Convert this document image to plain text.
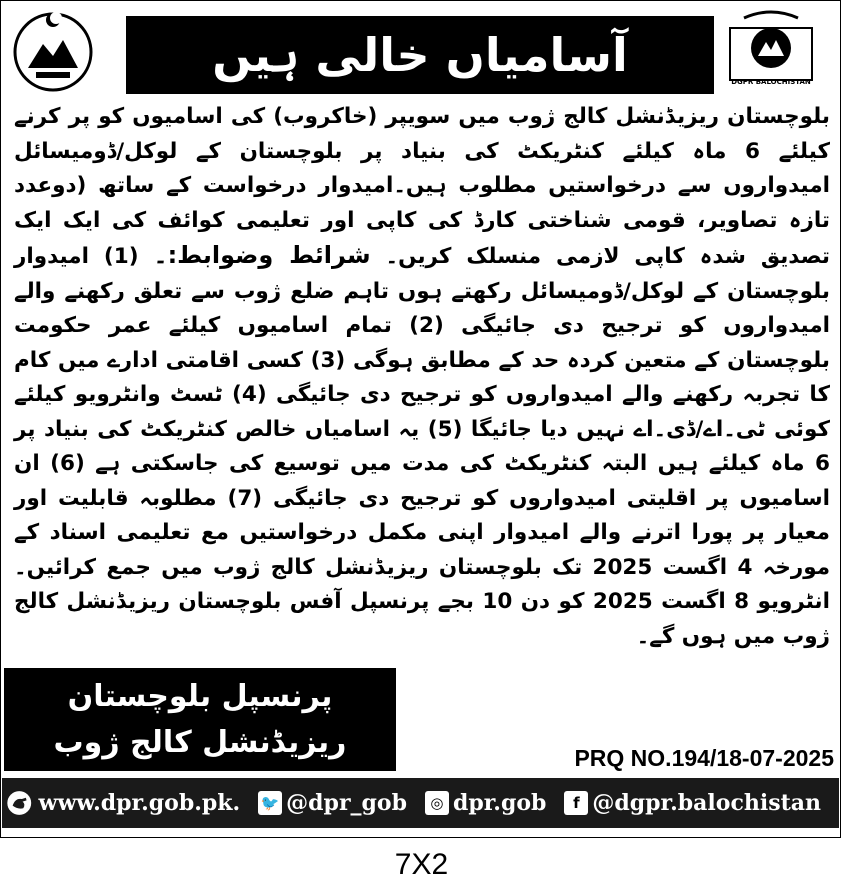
DGPR BALOCHISTAN
آسامیاں خالی ہیں
بلوچستان ریزیڈنشل کالج ژوب میں سویپر (خاکروب) کی اسامیوں کو پر کرنے کیلئے 6 ماہ کیلئے کنٹریکٹ کی بنیاد پر بلوچستان کے لوکل/ڈومیسائل امیدواروں سے درخواستیں مطلوب ہیں۔امیدوار درخواست کے ساتھ (دوعدد تازہ تصاویر، قومی شناختی کارڈ کی کاپی اور تعلیمی کوائف کی ایک ایک تصدیق شدہ کاپی لازمی منسلک کریں۔ شرائط وضوابط:۔ (1) امیدوار بلوچستان کے لوکل/ڈومیسائل رکھتے ہوں تاہم ضلع ژوب سے تعلق رکھنے والے امیدواروں کو ترجیح دی جائیگی (2) تمام اسامیوں کیلئے عمر حکومت بلوچستان کے متعین کردہ حد کے مطابق ہوگی (3) کسی اقامتی ادارے میں کام کا تجربہ رکھنے والے امیدواروں کو ترجیح دی جائیگی (4) ٹسٹ وانٹرویو کیلئے کوئی ٹی۔اے/ڈی۔اے نہیں دیا جائیگا (5) یہ اسامیاں خالص کنٹریکٹ کی بنیاد پر 6 ماہ کیلئے ہیں البتہ کنٹریکٹ کی مدت میں توسیع کی جاسکتی ہے (6) ان اسامیوں پر اقلیتی امیدواروں کو ترجیح دی جائیگی (7) مطلوبہ قابلیت اور معیار پر پورا اترنے والے امیدوار اپنی مکمل درخواستیں مع تعلیمی اسناد کے مورخہ 4 اگست 2025 تک بلوچستان ریزیڈنشل کالج ژوب میں جمع کرائیں۔انٹرویو 8 اگست 2025 کو دن 10 بجے پرنسپل آفس بلوچستان ریزیڈنشل کالج ژوب میں ہوں گے۔
پرنسپل بلوچستان
ریزیڈنشل کالج ژوب	PRQ NO.194/18-07-2025
www.dpr.gob.pk. 🐦 @dpr_gob	◎ dpr.gob	f @dgpr.balochistan
7X2
